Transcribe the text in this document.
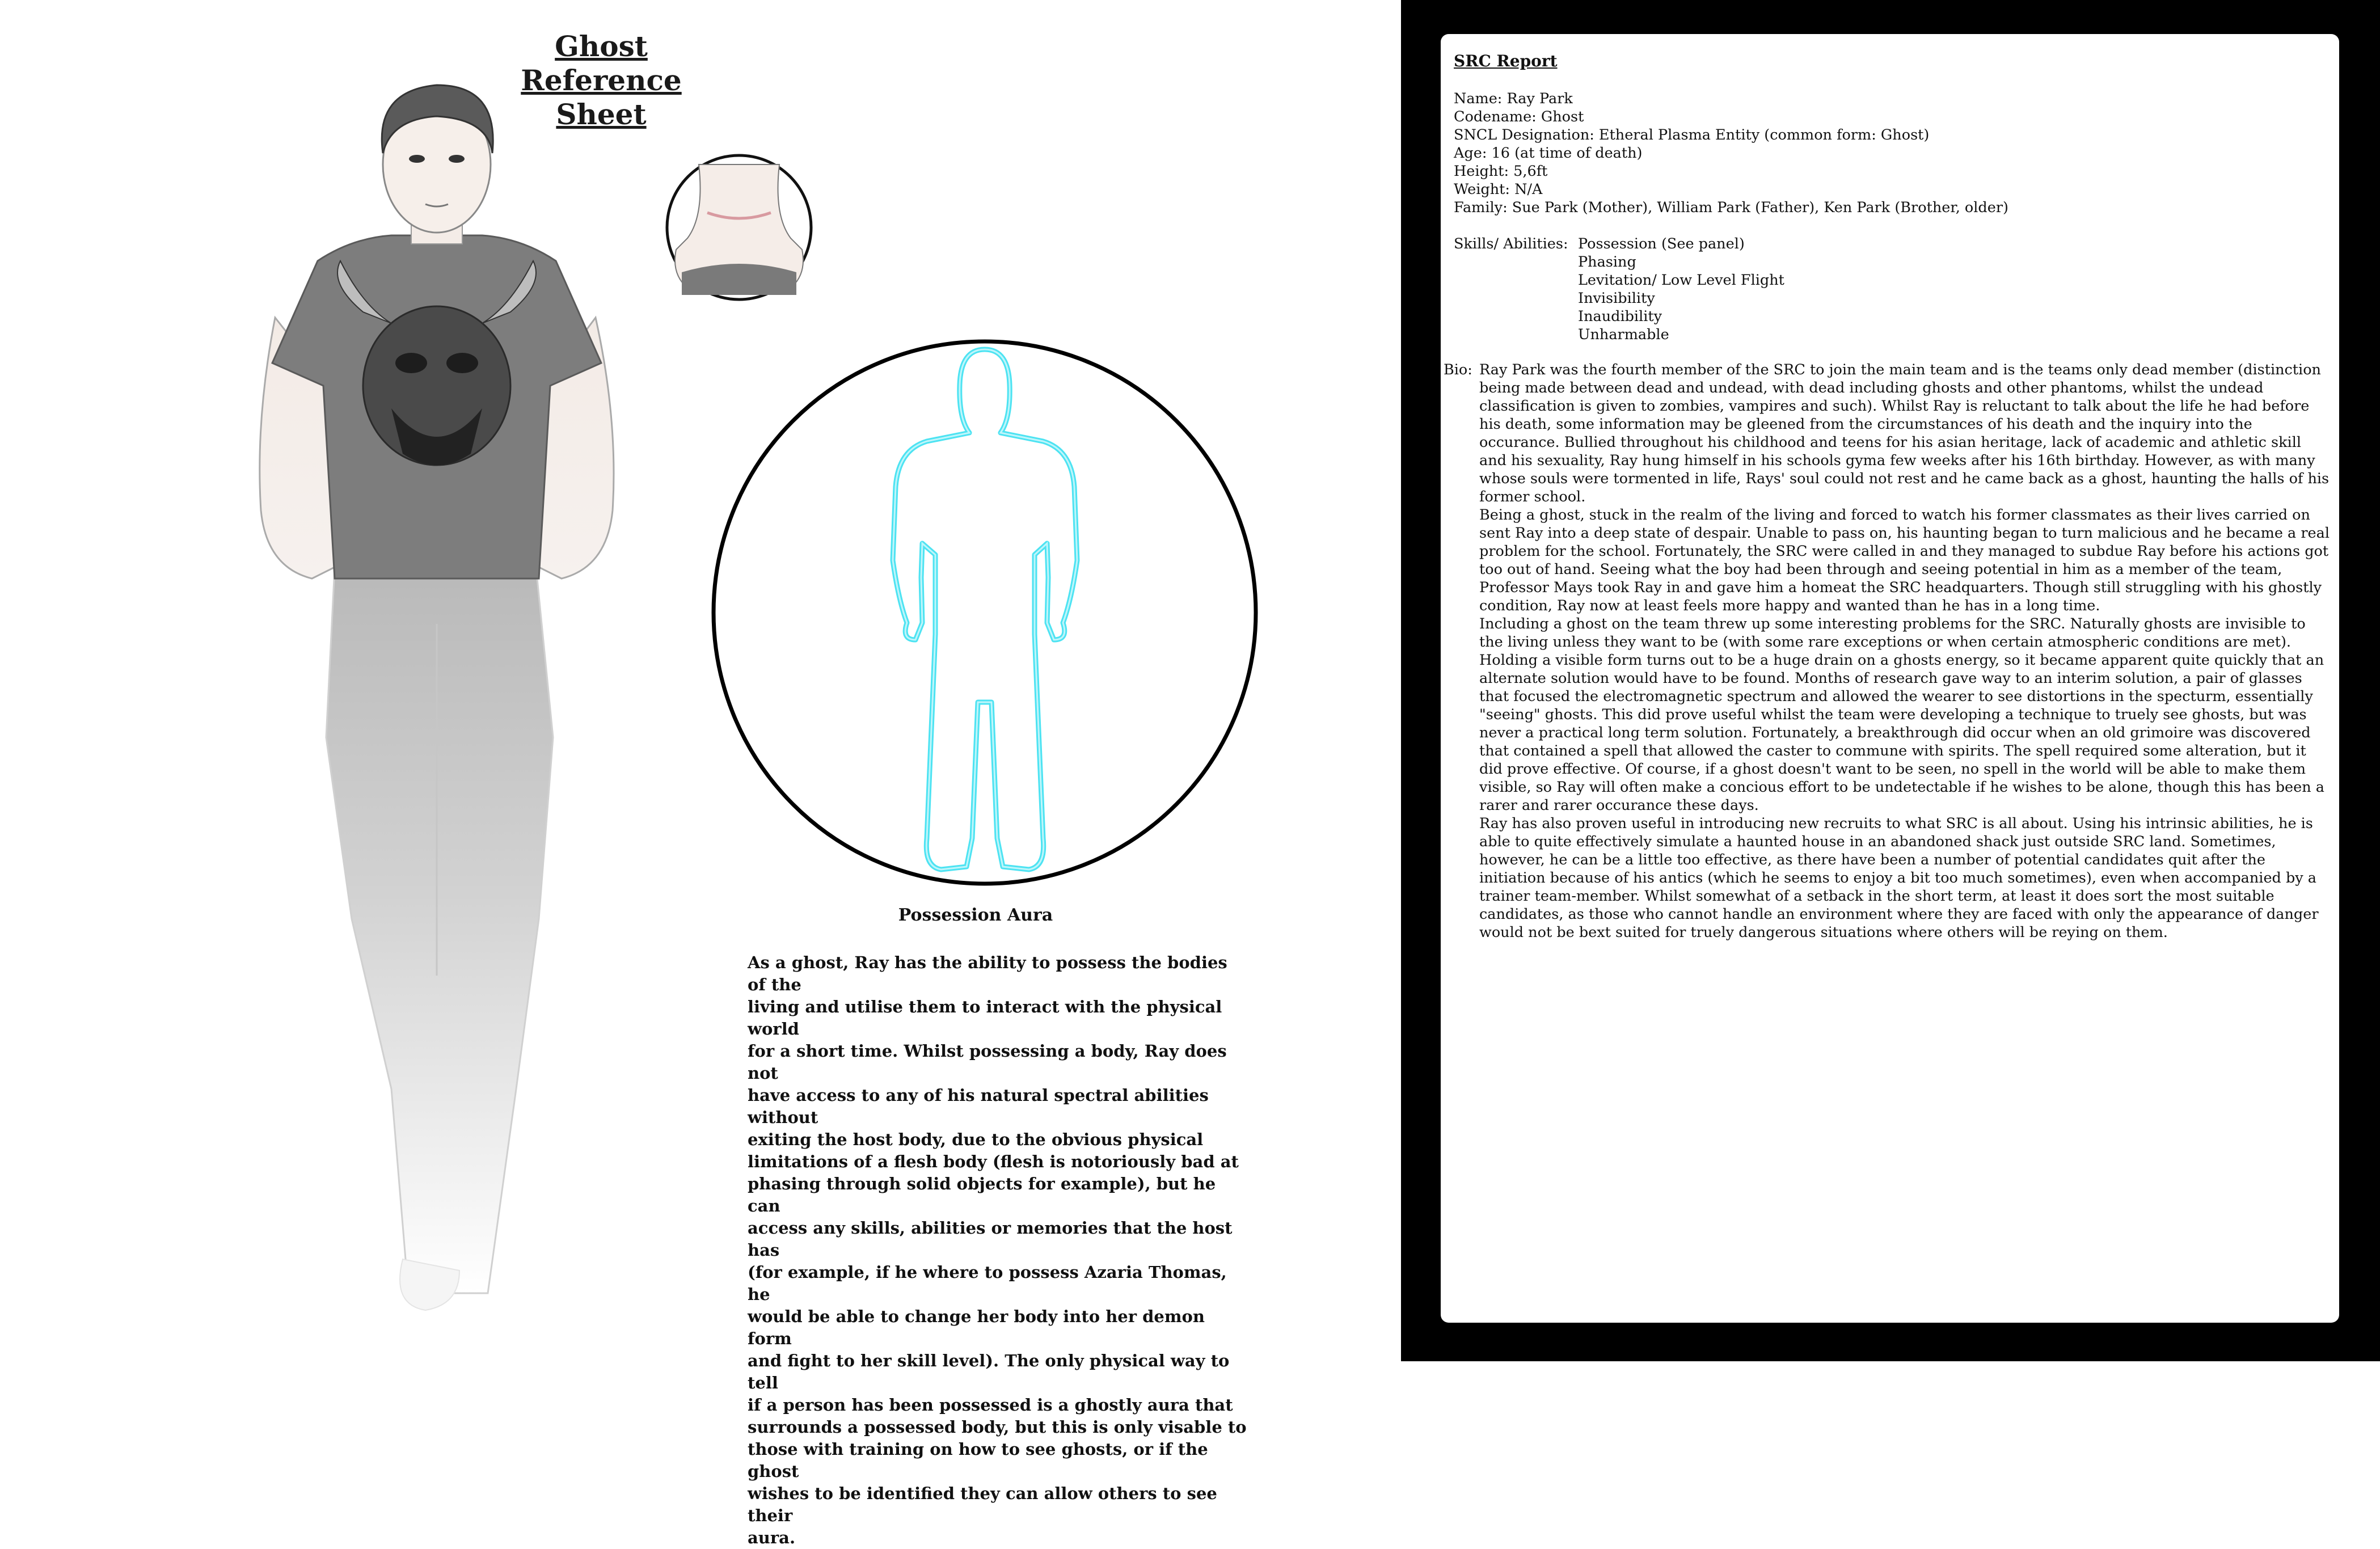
Ghost
Reference Sheet
Possession Aura
As a ghost, Ray has the ability to possess the bodies of the
living and utilise them to interact with the physical world
for a short time. Whilst possessing a body, Ray does not
have access to any of his natural spectral abilities without
exiting the host body, due to the obvious physical
limitations of a flesh body (flesh is notoriously bad at
phasing through solid objects for example), but he can
access any skills, abilities or memories that the host has
(for example, if he where to possess Azaria Thomas, he
would be able to change her body into her demon form
and fight to her skill level). The only physical way to tell
if a person has been possessed is a ghostly aura that
surrounds a possessed body, but this is only visable to
those with training on how to see ghosts, or if the ghost
wishes to be identified they can allow others to see their
aura.
SRC Report
Name: Ray Park
Codename: Ghost
SNCL Designation: Etheral Plasma Entity (common form: Ghost)
Age: 16 (at time of death)
Height: 5,6ft
Weight: N/A
Family: Sue Park (Mother), William Park (Father), Ken Park (Brother, older)
Skills/ Abilities: Possession (See panel)
Phasing
Levitation/ Low Level Flight
Invisibility
Inaudibility
Unharmable
Bio: Ray Park was the fourth member of the SRC to join the main team and is the teams only dead member (distinction being made between dead and undead, with dead including ghosts and other phantoms, whilst the undead classification is given to zombies, vampires and such). Whilst Ray is reluctant to talk about the life he had before his death, some information may be gleened from the circumstances of his death and the inquiry into the occurance. Bullied throughout his childhood and teens for his asian heritage, lack of academic and athletic skill and his sexuality, Ray hung himself in his schools gyma few weeks after his 16th birthday. However, as with many whose souls were tormented in life, Rays' soul could not rest and he came back as a ghost, haunting the halls of his former school.

Being a ghost, stuck in the realm of the living and forced to watch his former classmates as their lives carried on sent Ray into a deep state of despair. Unable to pass on, his haunting began to turn malicious and he became a real problem for the school. Fortunately, the SRC were called in and they managed to subdue Ray before his actions got too out of hand. Seeing what the boy had been through and seeing potential in him as a member of the team, Professor Mays took Ray in and gave him a homeat the SRC headquarters. Though still struggling with his ghostly condition, Ray now at least feels more happy and wanted than he has in a long time.

Including a ghost on the team threw up some interesting problems for the SRC. Naturally ghosts are invisible to the living unless they want to be (with some rare exceptions or when certain atmospheric conditions are met). Holding a visible form turns out to be a huge drain on a ghosts energy, so it became apparent quite quickly that an alternate solution would have to be found. Months of research gave way to an interim solution, a pair of glasses that focused the electromagnetic spectrum and allowed the wearer to see distortions in the specturm, essentially "seeing" ghosts. This did prove useful whilst the team were developing a technique to truely see ghosts, but was never a practical long term solution. Fortunately, a breakthrough did occur when an old grimoire was discovered that contained a spell that allowed the caster to commune with spirits. The spell required some alteration, but it did prove effective. Of course, if a ghost doesn't want to be seen, no spell in the world will be able to make them visible, so Ray will often make a concious effort to be undetectable if he wishes to be alone, though this has been a rarer and rarer occurance these days.

Ray has also proven useful in introducing new recruits to what SRC is all about. Using his intrinsic abilities, he is able to quite effectively simulate a haunted house in an abandoned shack just outside SRC land. Sometimes, however, he can be a little too effective, as there have been a number of potential candidates quit after the initiation because of his antics (which he seems to enjoy a bit too much sometimes), even when accompanied by a trainer team-member. Whilst somewhat of a setback in the short term, at least it does sort the most suitable candidates, as those who cannot handle an environment where they are faced with only the appearance of danger would not be bext suited for truely dangerous situations where others will be reying on them.
